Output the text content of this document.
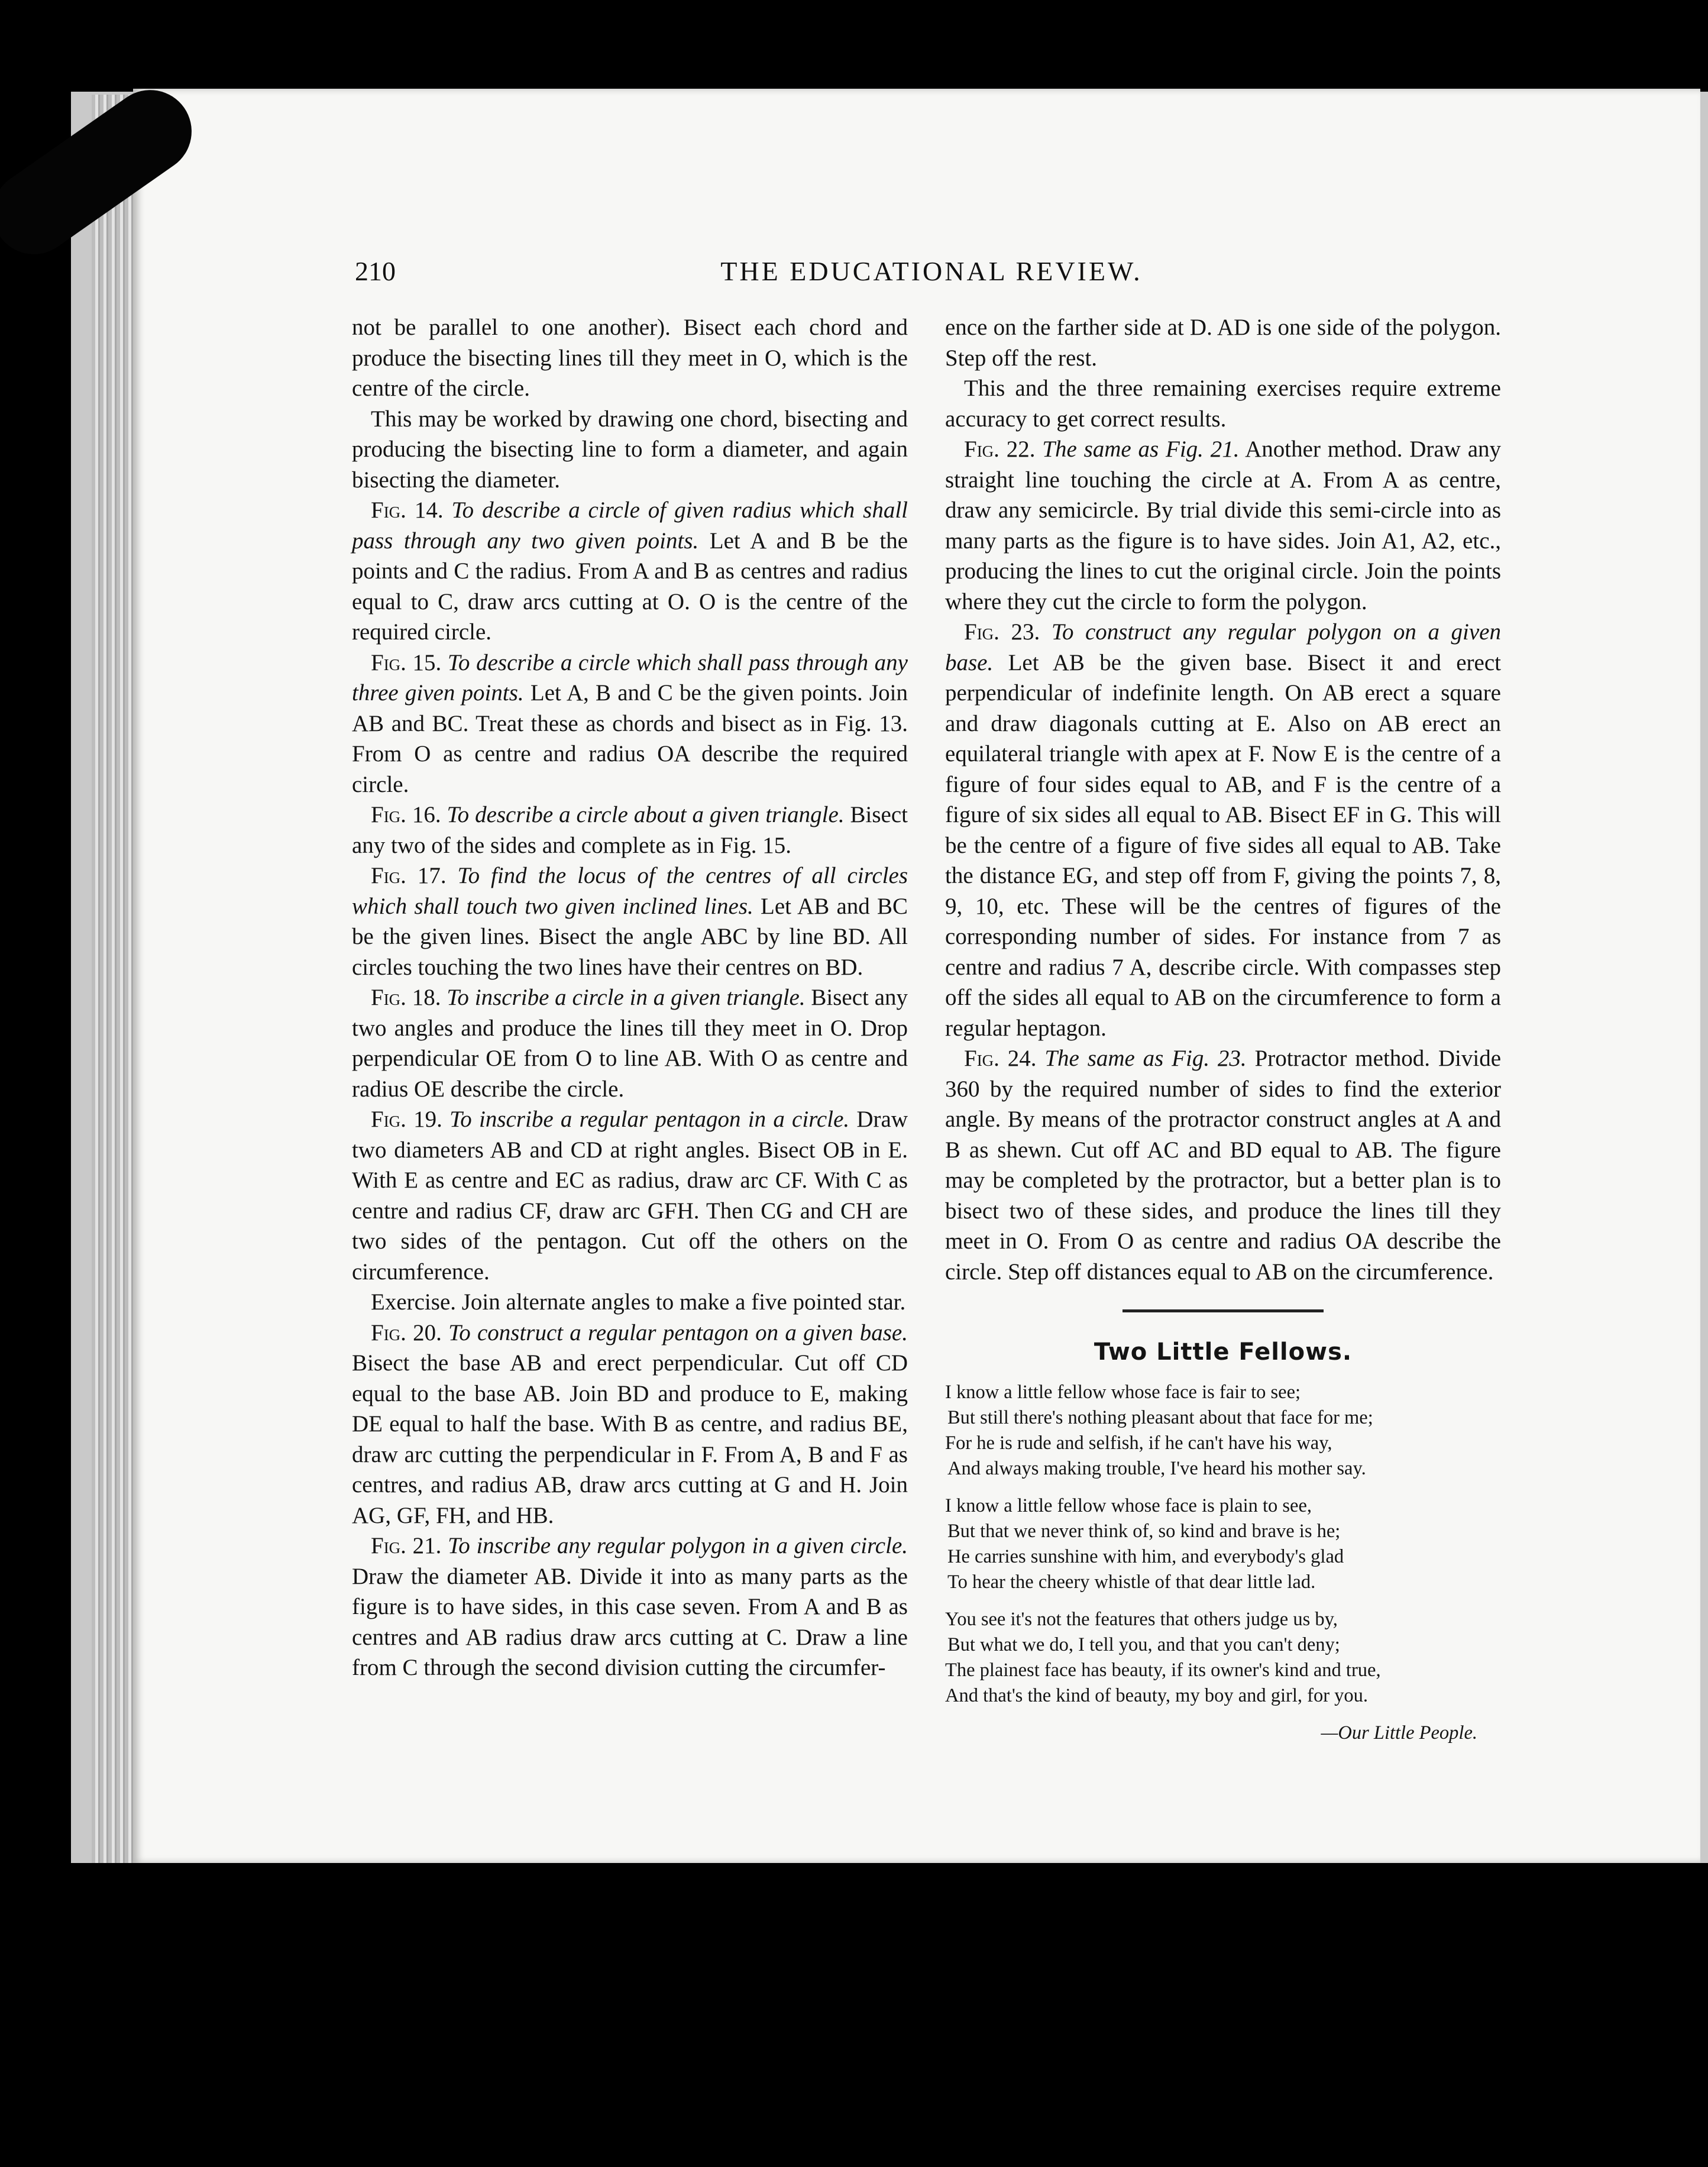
210	THE EDUCATIONAL REVIEW.

not be parallel to one another). Bisect each chord and produce the bisecting lines till they meet in O, which is the centre of the circle.

This may be worked by drawing one chord, bisecting and producing the bisecting line to form a diameter, and again bisecting the diameter.

Fig. 14. To describe a circle of given radius which shall pass through any two given points. Let A and B be the points and C the radius. From A and B as centres and radius equal to C, draw arcs cutting at O. O is the centre of the required circle.

Fig. 15. To describe a circle which shall pass through any three given points. Let A, B and C be the given points. Join AB and BC. Treat these as chords and bisect as in Fig. 13. From O as centre and radius OA describe the required circle.

Fig. 16. To describe a circle about a given triangle. Bisect any two of the sides and complete as in Fig. 15.

Fig. 17. To find the locus of the centres of all circles which shall touch two given inclined lines. Let AB and BC be the given lines. Bisect the angle ABC by line BD. All circles touching the two lines have their centres on BD.

Fig. 18. To inscribe a circle in a given triangle. Bisect any two angles and produce the lines till they meet in O. Drop perpendicular OE from O to line AB. With O as centre and radius OE describe the circle.

Fig. 19. To inscribe a regular pentagon in a circle. Draw two diameters AB and CD at right angles. Bisect OB in E. With E as centre and EC as radius, draw arc CF. With C as centre and radius CF, draw arc GFH. Then CG and CH are two sides of the pentagon. Cut off the others on the circumference.

Exercise. Join alternate angles to make a five pointed star.

Fig. 20. To construct a regular pentagon on a given base. Bisect the base AB and erect perpendicular. Cut off CD equal to the base AB. Join BD and produce to E, making DE equal to half the base. With B as centre, and radius BE, draw arc cutting the perpendicular in F. From A, B and F as centres, and radius AB, draw arcs cutting at G and H. Join AG, GF, FH, and HB.

Fig. 21. To inscribe any regular polygon in a given circle. Draw the diameter AB. Divide it into as many parts as the figure is to have sides, in this case seven. From A and B as centres and AB radius draw arcs cutting at C. Draw a line from C through the second division cutting the circumfer-

ence on the farther side at D. AD is one side of the polygon. Step off the rest.

This and the three remaining exercises require extreme accuracy to get correct results.

Fig. 22. The same as Fig. 21. Another method. Draw any straight line touching the circle at A. From A as centre, draw any semicircle. By trial divide this semi-circle into as many parts as the figure is to have sides. Join A1, A2, etc., producing the lines to cut the original circle. Join the points where they cut the circle to form the polygon.

Fig. 23. To construct any regular polygon on a given base. Let AB be the given base. Bisect it and erect perpendicular of indefinite length. On AB erect a square and draw diagonals cutting at E. Also on AB erect an equilateral triangle with apex at F. Now E is the centre of a figure of four sides equal to AB, and F is the centre of a figure of six sides all equal to AB. Bisect EF in G. This will be the centre of a figure of five sides all equal to AB. Take the distance EG, and step off from F, giving the points 7, 8, 9, 10, etc. These will be the centres of figures of the corresponding number of sides. For instance from 7 as centre and radius 7 A, describe circle. With compasses step off the sides all equal to AB on the circumference to form a regular heptagon.

Fig. 24. The same as Fig. 23. Protractor method. Divide 360 by the required number of sides to find the exterior angle. By means of the protractor construct angles at A and B as shewn. Cut off AC and BD equal to AB. The figure may be completed by the protractor, but a better plan is to bisect two of these sides, and produce the lines till they meet in O. From O as centre and radius OA describe the circle. Step off distances equal to AB on the circumference.

Two Little Fellows.
I know a little fellow whose face is fair to see;
But still there's nothing pleasant about that face for me;
For he is rude and selfish, if he can't have his way,
And always making trouble, I've heard his mother say.
I know a little fellow whose face is plain to see,
But that we never think of, so kind and brave is he;
He carries sunshine with him, and everybody's glad
To hear the cheery whistle of that dear little lad.
You see it's not the features that others judge us by,
But what we do, I tell you, and that you can't deny;
The plainest face has beauty, if its owner's kind and true,
And that's the kind of beauty, my boy and girl, for you.
—Our Little People.
